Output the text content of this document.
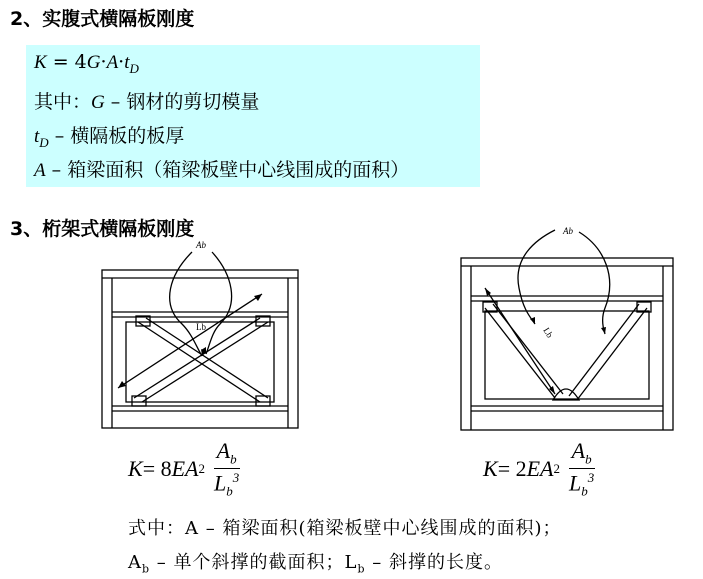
2、实腹式横隔板刚度
$K = 4G\cdot A\cdot t_D$
其中：G – 钢材的剪切模量
$t_D$ – 横隔板的板厚
A – 箱梁面积（箱梁板壁中心线围成的面积）
3、桁架式横隔板刚度
Ab
Lb
Ab
Lb
K = 8 EA $2 \frac{A_b}{L_b^3}$	K = 2 EA $2 \frac{A_b}{L_b^3}$
式中：A – 箱梁面积(箱梁板壁中心线围成的面积)；
$A_b$ – 单个斜撑的截面积；$L_b$ – 斜撑的长度。
